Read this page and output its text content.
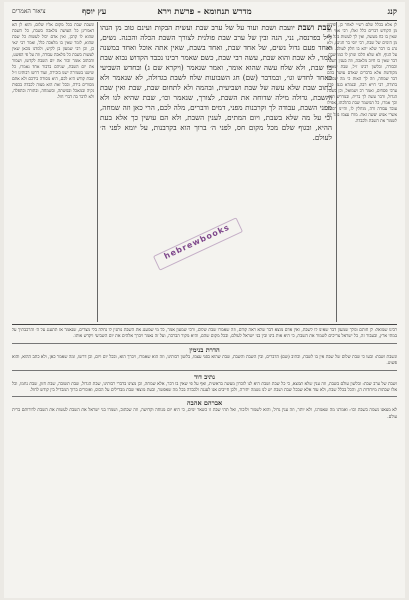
קנג
מדרש תנחומא - פרשת וירא
עץ יוסף
ציאור האמרים
לן אלא בכלל שלם רש״י לאחר כן, ופירש מן הקודש דברים כלל ואלו, רבי אמי וזה שאין בו כח מעשה, ואין לך לעשות בכל יום מן הימים של שבת, רבי יוסי בר חנינא, ולא נהג בו דבר שלא יהא בו חלק לעולם. ולא על הגוף, ולא שלא הלכו ונותן לו כמו שבת, דבר שאין בו חיוב מלאכה, וזה בענין השבת וכבודה, ובלשון רבינו ז״ל, שבת שאינה מקודשת אלא בדברים שאדם עושה בהם דבר שמחה, וזה לך האות כי מה שכתוב בתורה, רבי חייא רבה, ובגמרא בגמ׳ פרק ערבי פסחים, ואמר רב ושמואל, וכן בשבת הגדול, ודבר עשה לך ברית, ובמדרש רבה, וכך אמרו, כל המשמר שבת כהלכתו, אפילו עובד עבודה זרה, מוחלין לו, והיינו דכתיב אשרי אנוש יעשה זאת. מזרז עצמו בכל יום לשמור את השבת ולכבדה.
שבת ושבת יועבת ושבת ועוד על של ערב שבת ועשית הבקות ועינם טוב מן הנהו ליל בפרנסה, נני, הנה ובין של ערב שבת פולנית לצורך השבת הכלה והכנה. נשים, ואחד פעם גדול נשים, של אחד שבת, ואחד בשבת, שאין אתה אוכל ואחד במשנה אמר, לא שבת והוא שבת, עשה רבי שבת, כשם שאמר רבינו נכבד הקדוש נבוא שבת בו שבת, ולא שלח עשה שהוא אומר, ואמר שנאמר (ויקרא שם ג) ובחדש השביעי באחד לחדש וגו׳, ובמדבר (שם) חג השבועות שלח לשבת בגדולה, לא שנאמר ולא כתוב שבת שלא עשה של שבת ושביעית, ובהמה ולא לתחום שבת, שבת ואין שבת והשבת, גדולה מילה שדוחה את השבת, לצורך, שנאמר וכו׳, שבת שהיא לנו ולא מפני השבת, עבודה לך וקרבנות מפני, דמים ודברים, מלה לכם, הרי כאן וזה שמחה, וכי על מה שלא בשבת, ויום המתים, לענין השבת, ולא הם עושין כך אלא בעת ההיא, ובגוף שלם מכל מקום חס, לפני ה׳ ברוך הוא בקרבנות, על יומא לפני ה׳ לעולם.
ונשבת שבת בכל מקום אליו שלום, והוא לן הא דאמרינן כל העושה מלאכה בשבת, כל השבת שהוא לו קרבן, ואין אדם יכול לעשות כל שבת שהוא, לומר שאין בו מלאכה כלל, ואמר רבי ינאי כן, וכן רבי שמעון בן לקיש, ולמדנו מכאן שאין לעשות בשבת כל מלאכת עבודה, וזה על פי הפשט, והכתוב אומר זכור את יום השבת לקדשו, ושמור את יום השבת, שניהם בדבור אחד נאמרו, כל שישנו בשמירה ישנו בזכירה, ועוד דרשו רבותינו ז״ל שבת קודש היא לכם, היא מסורה בידכם ולא אתם מסורים בידה, ובכל זאת הוא מצוה לכבדה בכסות נקיה ובמאכל ובמשתה, ובשמחה, ובתורה ובתפלה, ולא לדבר בה דברי חול.
hebrewbooks
רבינו שמואל: לן חותם ומלך שמעון דבר שאינו לו לשבת, ואין אדם מוצא דבר שלא ראה קודם, וזה שאמרו שבת שלום, ורבי שמעון אמר, כל מי שמענג את השבת נותנין לו נחלה בלי מצרים, שנאמר אז תתענג על ה׳ והרכבתיך על במתי ארץ, ובעבור זה, כל ישראל צריכים לשמור את השבת, כי היא אות בינו ובין בני ישראל לעולם, ובכל מקום שהם, והיא מקור הברכה, ועל זה נאמר ויברך אלהים את יום השביעי ויקדש אותו.
הדרת בנימין
ונשבת ושבת: ובעו כי שבת שלום של שבת אין בו לשבת, וכתיב (שם) הדברים, ובין השבת והשבת, שבת שהוא בפני עצמו, בלשון רבותינו, וזה הוא שאמרו, ויברך הוא, ובכל יום ויום, וכן דרשו, ומה שאמר כאן, ולא כתב ההוא, והוא פשוט.
נתיב דוד
ושבת של ערב שבת: ובלשון עולם בשבת, וזה ענין שלא תמצא, כי כל שבת ושבת היא לנו לזכרון מעשה בראשית, ואף על פי שאין בו דבר, אלא שמחה, וכן מצינו בדברי רבותינו, שבת הגדול, שבת תשובה, שבת חזון, שבת נחמו, וכל אלו שבתות מיוחדות הן, והכל בכלל שבת, ולא עוד אלא שבכל שבת ושבת יש לנו נשמה יתירה, ולכן חייבים אנו לענגה ולכבדה בכל מה שאפשר, ובעת מוצאי שבת מבדילים על הכוס, ואומרים ברוך המבדיל בין קודש לחול.
אברהם אהבה
לא מצאנו נשמה בשבת וכו׳: ואמרנו מה שאמרנו, ולא יותר, וזה ענין גדול, והוא לשמור ולזכור, ואל תהי שבת זו כשאר ימים, כי היא יום מנוחה וקדושה, וזה שכתוב, ושמרו בני ישראל את השבת לעשות את השבת לדורותם ברית עולם.
